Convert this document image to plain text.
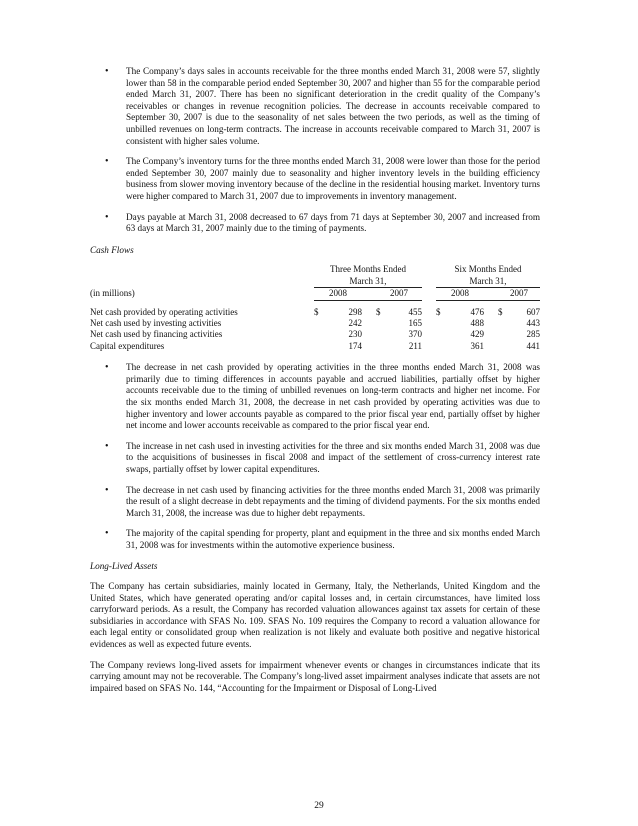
• The Company’s days sales in accounts receivable for the three months ended March 31, 2008 were 57, slightly lower than 58 in the comparable period ended September 30, 2007 and higher than 55 for the comparable period ended March 31, 2007. There has been no significant deterioration in the credit quality of the Company’s receivables or changes in revenue recognition policies. The decrease in accounts receivable compared to September 30, 2007 is due to the seasonality of net sales between the two periods, as well as the timing of unbilled revenues on long-term contracts. The increase in accounts receivable compared to March 31, 2007 is consistent with higher sales volume.
• The Company’s inventory turns for the three months ended March 31, 2008 were lower than those for the period ended September 30, 2007 mainly due to seasonality and higher inventory levels in the building efficiency business from slower moving inventory because of the decline in the residential housing market. Inventory turns were higher compared to March 31, 2007 due to improvements in inventory management.
• Days payable at March 31, 2008 decreased to 67 days from 71 days at September 30, 2007 and increased from 63 days at March 31, 2007 mainly due to the timing of payments.
Cash Flows
	Three Months Ended						Six Months Ended				
	March 31,						March 31,				
(in millions)	2008			2007			2008			2007	

Net cash provided by operating activities	$	298		$	455		$	476		$	607
Net cash used by investing activities		242			165			488			443
Net cash used by financing activities		230			370			429			285
Capital expenditures		174			211			361			441
• The decrease in net cash provided by operating activities in the three months ended March 31, 2008 was primarily due to timing differences in accounts payable and accrued liabilities, partially offset by higher accounts receivable due to the timing of unbilled revenues on long-term contracts and higher net income. For the six months ended March 31, 2008, the decrease in net cash provided by operating activities was due to higher inventory and lower accounts payable as compared to the prior fiscal year end, partially offset by higher net income and lower accounts receivable as compared to the prior fiscal year end.
• The increase in net cash used in investing activities for the three and six months ended March 31, 2008 was due to the acquisitions of businesses in fiscal 2008 and impact of the settlement of cross-currency interest rate swaps, partially offset by lower capital expenditures.
• The decrease in net cash used by financing activities for the three months ended March 31, 2008 was primarily the result of a slight decrease in debt repayments and the timing of dividend payments. For the six months ended March 31, 2008, the increase was due to higher debt repayments.
• The majority of the capital spending for property, plant and equipment in the three and six months ended March 31, 2008 was for investments within the automotive experience business.
Long-Lived Assets

The Company has certain subsidiaries, mainly located in Germany, Italy, the Netherlands, United Kingdom and the United States, which have generated operating and/or capital losses and, in certain circumstances, have limited loss carryforward periods. As a result, the Company has recorded valuation allowances against tax assets for certain of these subsidiaries in accordance with SFAS No. 109. SFAS No. 109 requires the Company to record a valuation allowance for each legal entity or consolidated group when realization is not likely and evaluate both positive and negative historical evidences as well as expected future events.

The Company reviews long-lived assets for impairment whenever events or changes in circumstances indicate that its carrying amount may not be recoverable. The Company’s long-lived asset impairment analyses indicate that assets are not impaired based on SFAS No. 144, “Accounting for the Impairment or Disposal of Long-Lived

29
